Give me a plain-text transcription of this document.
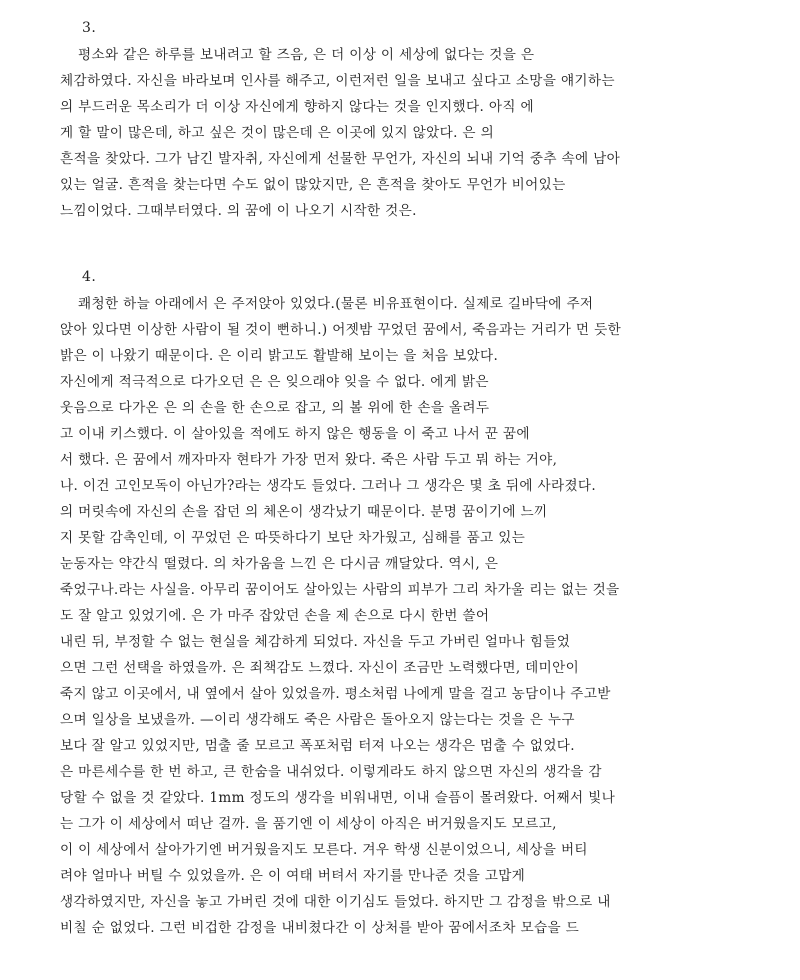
3.
평소와 같은 하루를 보내려고 할 즈음, 은 더 이상 이 세상에 없다는 것을 은
체감하였다. 자신을 바라보며 인사를 해주고, 이런저런 일을 보내고 싶다고 소망을 얘기하는
의 부드러운 목소리가 더 이상 자신에게 향하지 않다는 것을 인지했다. 아직 에
게 할 말이 많은데, 하고 싶은 것이 많은데 은 이곳에 있지 않았다. 은 의
흔적을 찾았다. 그가 남긴 발자취, 자신에게 선물한 무언가, 자신의 뇌내 기억 중추 속에 남아
있는 얼굴. 흔적을 찾는다면 수도 없이 많았지만, 은 흔적을 찾아도 무언가 비어있는
느낌이었다. 그때부터였다. 의 꿈에 이 나오기 시작한 것은.
4.
쾌청한 하늘 아래에서 은 주저앉아 있었다.(물론 비유표현이다. 실제로 길바닥에 주저
앉아 있다면 이상한 사람이 될 것이 뻔하니.) 어젯밤 꾸었던 꿈에서, 죽음과는 거리가 먼 듯한
밝은 이 나왔기 때문이다. 은 이리 밝고도 활발해 보이는 을 처음 보았다.
자신에게 적극적으로 다가오던 은 은 잊으래야 잊을 수 없다. 에게 밝은
웃음으로 다가온 은 의 손을 한 손으로 잡고, 의 볼 위에 한 손을 올려두
고 이내 키스했다. 이 살아있을 적에도 하지 않은 행동을 이 죽고 나서 꾼 꿈에
서 했다. 은 꿈에서 깨자마자 현타가 가장 먼저 왔다. 죽은 사람 두고 뭐 하는 거야,
나. 이건 고인모독이 아닌가?라는 생각도 들었다. 그러나 그 생각은 몇 초 뒤에 사라졌다.
의 머릿속에 자신의 손을 잡던 의 체온이 생각났기 때문이다. 분명 꿈이기에 느끼
지 못할 감촉인데, 이 꾸었던 은 따뜻하다기 보단 차가웠고, 심해를 품고 있는
눈동자는 약간식 떨렸다. 의 차가움을 느낀 은 다시금 깨달았다. 역시, 은
죽었구나.라는 사실을. 아무리 꿈이어도 살아있는 사람의 피부가 그리 차가울 리는 없는 것을
도 잘 알고 있었기에. 은 가 마주 잡았던 손을 제 손으로 다시 한번 쓸어
내린 뒤, 부정할 수 없는 현실을 체감하게 되었다. 자신을 두고 가버린 얼마나 힘들었
으면 그런 선택을 하였을까. 은 죄책감도 느꼈다. 자신이 조금만 노력했다면, 데미안이
죽지 않고 이곳에서, 내 옆에서 살아 있었을까. 평소처럼 나에게 말을 걸고 농담이나 주고받
으며 일상을 보냈을까. —이리 생각해도 죽은 사람은 돌아오지 않는다는 것을 은 누구
보다 잘 알고 있었지만, 멈출 줄 모르고 폭포처럼 터져 나오는 생각은 멈출 수 없었다.
은 마른세수를 한 번 하고, 큰 한숨을 내쉬었다. 이렇게라도 하지 않으면 자신의 생각을 감
당할 수 없을 것 같았다. 1mm 정도의 생각을 비워내면, 이내 슬픔이 몰려왔다. 어째서 빛나
는 그가 이 세상에서 떠난 걸까. 을 품기엔 이 세상이 아직은 버거웠을지도 모르고,
이 이 세상에서 살아가기엔 버거웠을지도 모른다. 겨우 학생 신분이었으니, 세상을 버티
려야 얼마나 버틸 수 있었을까. 은 이 여태 버텨서 자기를 만나준 것을 고맙게
생각하였지만, 자신을 놓고 가버린 것에 대한 이기심도 들었다. 하지만 그 감정을 밖으로 내
비칠 순 없었다. 그런 비겁한 감정을 내비쳤다간 이 상처를 받아 꿈에서조차 모습을 드
